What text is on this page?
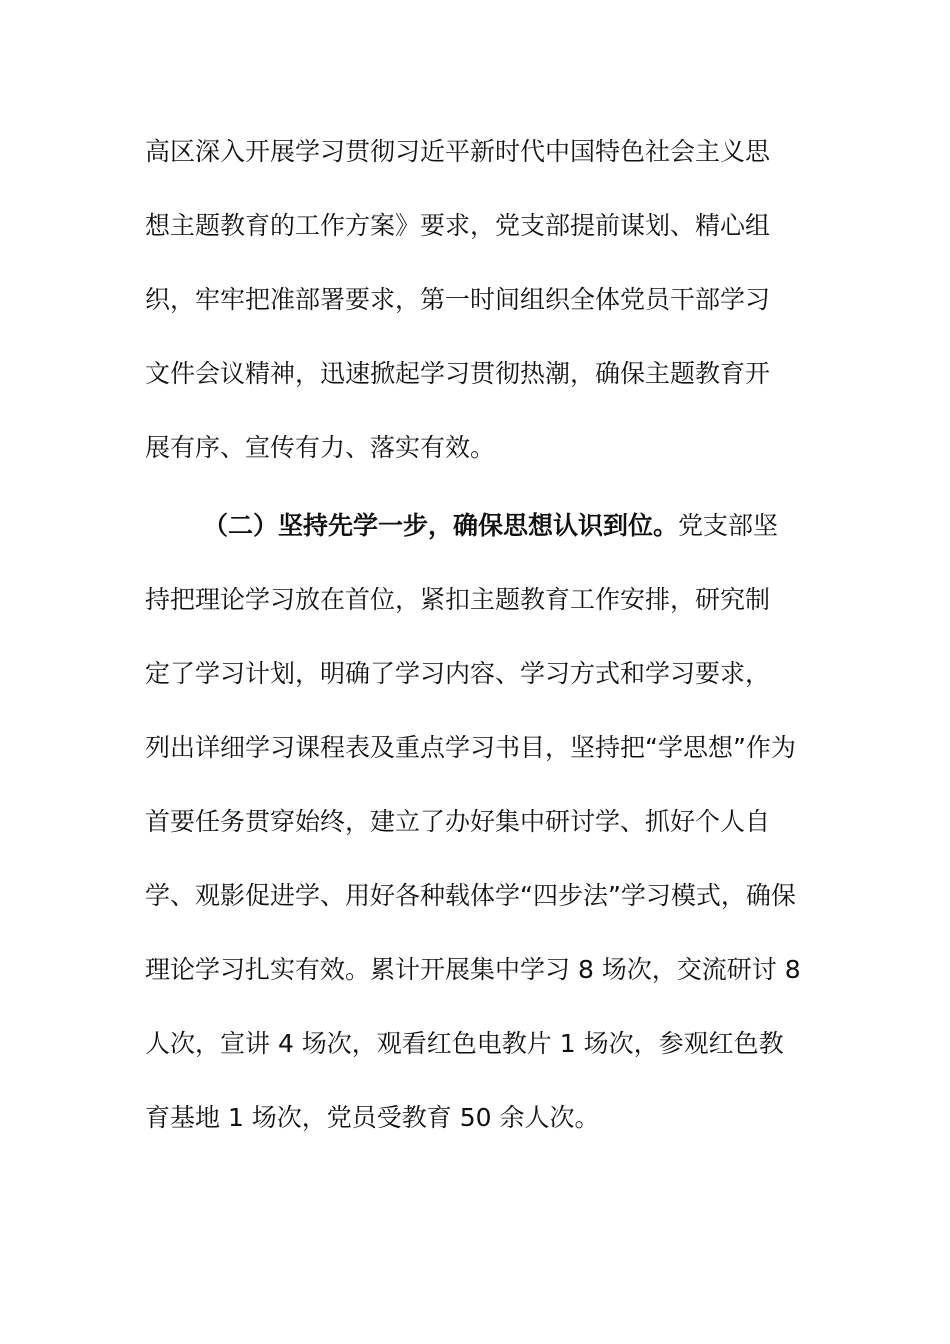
高区深入开展学习贯彻习近平新时代中国特色社会主义思
想主题教育的工作方案》要求，党支部提前谋划、精心组
织，牢牢把准部署要求，第一时间组织全体党员干部学习
文件会议精神，迅速掀起学习贯彻热潮，确保主题教育开
展有序、宣传有力、落实有效。
（二）坚持先学一步，确保思想认识到位。党支部坚
持把理论学习放在首位，紧扣主题教育工作安排，研究制
定了学习计划，明确了学习内容、学习方式和学习要求，
列出详细学习课程表及重点学习书目，坚持把“学思想”作为
首要任务贯穿始终，建立了办好集中研讨学、抓好个人自
学、观影促进学、用好各种载体学“四步法”学习模式，确保
理论学习扎实有效。累计开展集中学习 8 场次，交流研讨 8
人次，宣讲 4 场次，观看红色电教片 1 场次，参观红色教
育基地 1 场次，党员受教育 50 余人次。
